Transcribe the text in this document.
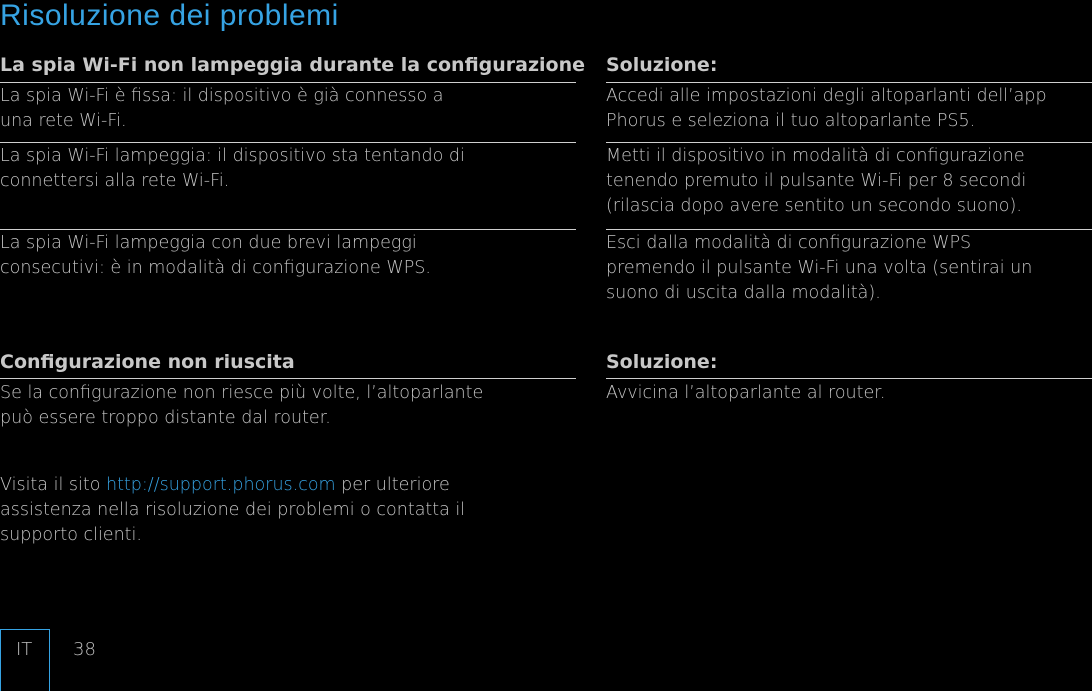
Risoluzione dei problemi
La spia Wi-Fi non lampeggia durante la configurazione Soluzione:
La spia Wi-Fi è fissa: il dispositivo è già connesso a
una rete Wi-Fi.
Accedi alle impostazioni degli altoparlanti dell’app
Phorus e seleziona il tuo altoparlante PS5.
La spia Wi-Fi lampeggia: il dispositivo sta tentando di
connettersi alla rete Wi-Fi.
Metti il dispositivo in modalità di configurazione
tenendo premuto il pulsante Wi-Fi per 8 secondi
(rilascia dopo avere sentito un secondo suono).
La spia Wi-Fi lampeggia con due brevi lampeggi
consecutivi: è in modalità di configurazione WPS.
Esci dalla modalità di configurazione WPS
premendo il pulsante Wi-Fi una volta (sentirai un
suono di uscita dalla modalità).
Configurazione non riuscita	Soluzione:
Se la configurazione non riesce più volte, l’altoparlante
può essere troppo distante dal router.
Avvicina l’altoparlante al router.
Visita il sito http://support.phorus.com per ulteriore
assistenza nella risoluzione dei problemi o contatta il
supporto clienti.
IT 38
